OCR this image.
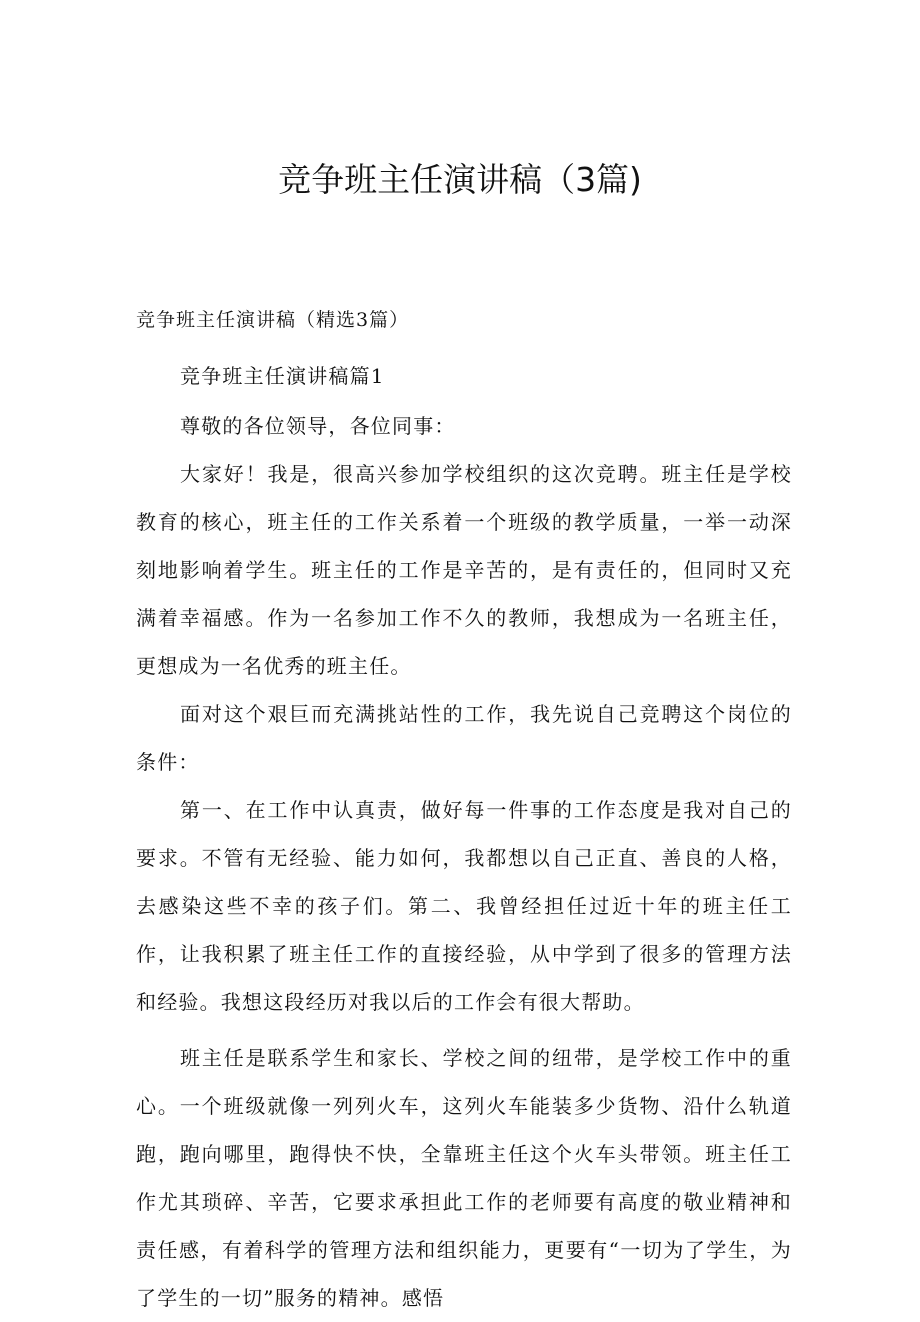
竞争班主任演讲稿（3篇)

竞争班主任演讲稿（精选3篇）

竞争班主任演讲稿篇1

尊敬的各位领导，各位同事：

大家好！我是，很高兴参加学校组织的这次竞聘。班主任是学校教育的核心，班主任的工作关系着一个班级的教学质量，一举一动深刻地影响着学生。班主任的工作是辛苦的，是有责任的，但同时又充满着幸福感。作为一名参加工作不久的教师，我想成为一名班主任，更想成为一名优秀的班主任。

面对这个艰巨而充满挑站性的工作，我先说自己竞聘这个岗位的条件：

第一、在工作中认真责，做好每一件事的工作态度是我对自己的要求。不管有无经验、能力如何，我都想以自己正直、善良的人格，去感染这些不幸的孩子们。第二、我曾经担任过近十年的班主任工作，让我积累了班主任工作的直接经验，从中学到了很多的管理方法和经验。我想这段经历对我以后的工作会有很大帮助。

班主任是联系学生和家长、学校之间的纽带，是学校工作中的重心。一个班级就像一列列火车，这列火车能装多少货物、沿什么轨道跑，跑向哪里，跑得快不快，全靠班主任这个火车头带领。班主任工作尤其琐碎、辛苦，它要求承担此工作的老师要有高度的敬业精神和责任感，有着科学的管理方法和组织能力，更要有“一切为了学生，为了学生的一切”服务的精神。感悟
